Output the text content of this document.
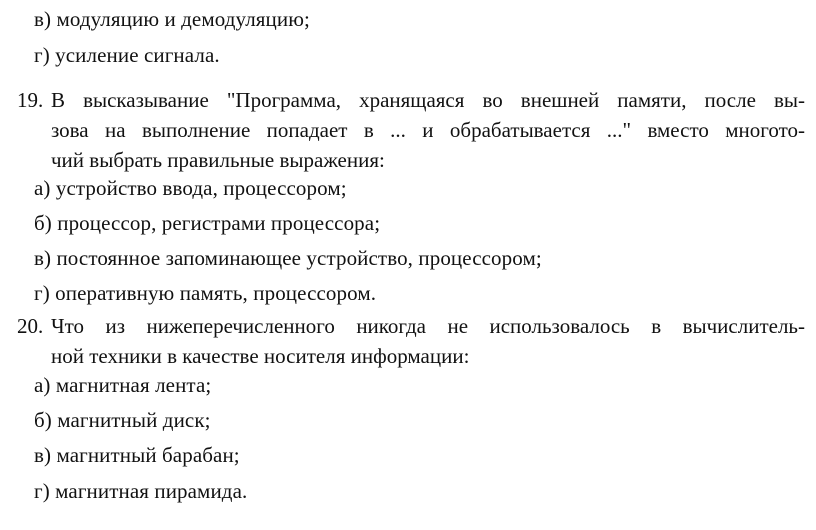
в) модуляцию и демодуляцию;
г) усиление сигнала.
19. В высказывание "Программа, хранящаяся во внешней памяти, после вы-
зова на выполнение попадает в ... и обрабатывается ..." вместо многото-
чий выбрать правильные выражения:
а) устройство ввода, процессором;
б) процессор, регистрами процессора;
в) постоянное запоминающее устройство, процессором;
г) оперативную память, процессором.
20. Что из нижеперечисленного никогда не использовалось в вычислитель-
ной техники в качестве носителя информации:
а) магнитная лента;
б) магнитный диск;
в) магнитный барабан;
г) магнитная пирамида.
